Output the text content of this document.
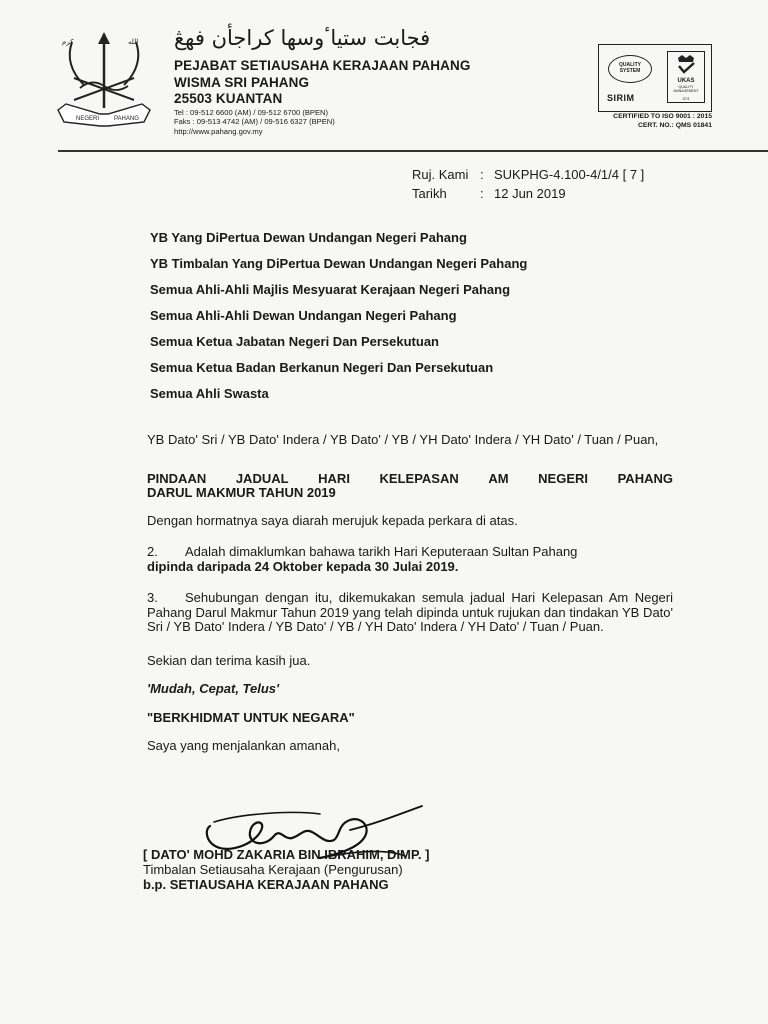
NEGERI PAHANG
كرم	الله فجابت ستياٴوسها كراجأن فهڠ
PEJABAT SETIAUSAHA KERAJAAN PAHANG
WISMA SRI PAHANG
25503 KUANTAN
Tel : 09-512 6600 (AM) / 09-512 6700 (BPEN)
Faks : 09-513 4742 (AM) / 09-516 6327 (BPEN)
http://www.pahang.gov.my
QUALITY
SYSTEM
SIRIM
UKAS
QUALITY MANAGEMENT
074
CERTIFIED TO ISO 9001 : 2015
CERT. NO.: QMS 01841
Ruj. Kami : SUKPHG-4.100-4/1/4 [ 7 ]
Tarikh	: 12 Jun 2019
YB Yang DiPertua Dewan Undangan Negeri Pahang
YB Timbalan Yang DiPertua Dewan Undangan Negeri Pahang
Semua Ahli-Ahli Majlis Mesyuarat Kerajaan Negeri Pahang
Semua Ahli-Ahli Dewan Undangan Negeri Pahang
Semua Ketua Jabatan Negeri Dan Persekutuan
Semua Ketua Badan Berkanun Negeri Dan Persekutuan
Semua Ahli Swasta

YB Dato' Sri / YB Dato' Indera / YB Dato' / YB / YH Dato' Indera / YH Dato' / Tuan / Puan,

PINDAAN JADUAL HARI KELEPASAN AM NEGERI PAHANG
DARUL MAKMUR TAHUN 2019

Dengan hormatnya saya diarah merujuk kepada perkara di atas.

2. Adalah dimaklumkan bahawa tarikh Hari Keputeraan Sultan Pahang
dipinda daripada 24 Oktober kepada 30 Julai 2019.

3. Sehubungan dengan itu, dikemukakan semula jadual Hari Kelepasan Am Negeri Pahang Darul Makmur Tahun 2019 yang telah dipinda untuk rujukan dan tindakan YB Dato' Sri / YB Dato' Indera / YB Dato' / YB / YH Dato' Indera / YH Dato' / Tuan / Puan.

Sekian dan terima kasih jua.

'Mudah, Cepat, Telus'

"BERKHIDMAT UNTUK NEGARA"

Saya yang menjalankan amanah,

[ DATO' MOHD ZAKARIA BIN IBRAHIM, DIMP. ]
Timbalan Setiausaha Kerajaan (Pengurusan)
b.p. SETIAUSAHA KERAJAAN PAHANG
